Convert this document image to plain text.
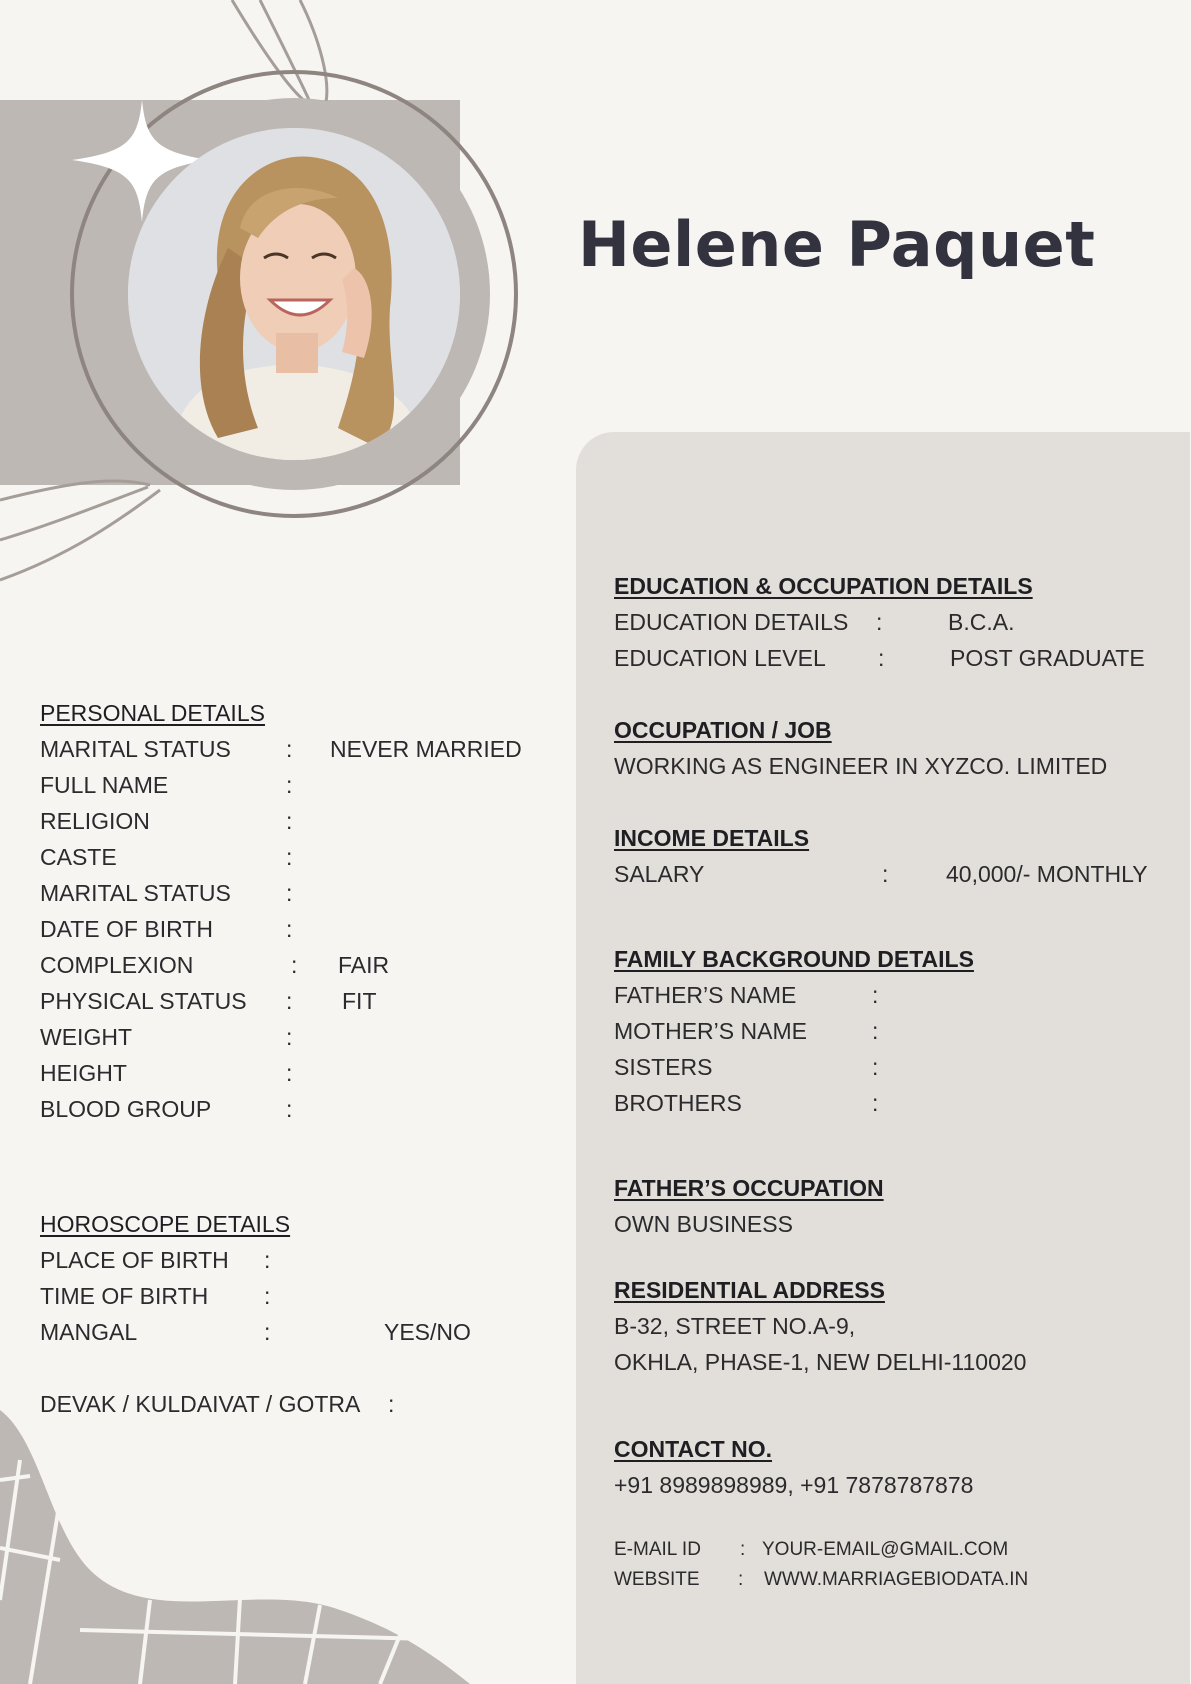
Helene Paquet
PERSONAL DETAILS
MARITAL STATUS : NEVER MARRIED
FULL NAME	:
RELIGION	:
CASTE	:
MARITAL STATUS :
DATE OF BIRTH	:
COMPLEXION	: FAIR
PHYSICAL STATUS : FIT
WEIGHT	:
HEIGHT	:
BLOOD GROUP	:
HOROSCOPE DETAILS
PLACE OF BIRTH :
TIME OF BIRTH :
MANGAL	:	YES/NO
DEVAK / KULDAIVAT / GOTRA :
EDUCATION & OCCUPATION DETAILS
EDUCATION DETAILS :	B.C.A.
EDUCATION LEVEL :	POST GRADUATE
OCCUPATION / JOB
WORKING AS ENGINEER IN XYZCO. LIMITED
INCOME DETAILS
SALARY	:	40,000/- MONTHLY
FAMILY BACKGROUND DETAILS
FATHER’S NAME	:
MOTHER’S NAME	:
SISTERS	:
BROTHERS	:
FATHER’S OCCUPATION
OWN BUSINESS
RESIDENTIAL ADDRESS
B-32, STREET NO.A-9,
OKHLA, PHASE-1, NEW DELHI-110020
CONTACT NO.
+91 8989898989, +91 7878787878
E-MAIL ID : YOUR-EMAIL@GMAIL.COM
WEBSITE : WWW.MARRIAGEBIODATA.IN
